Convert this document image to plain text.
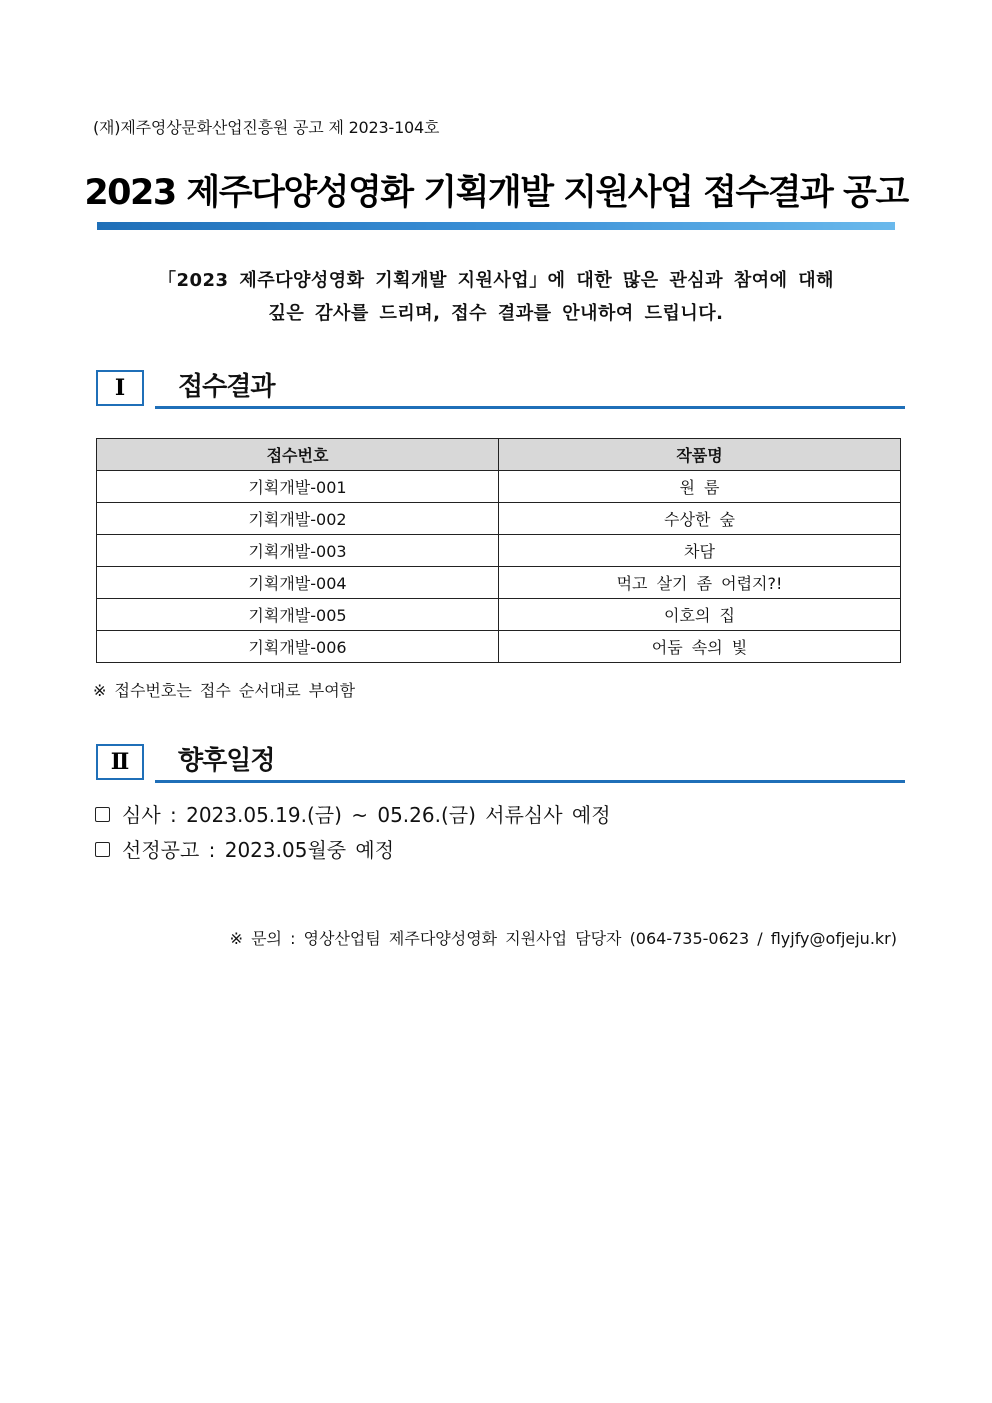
(재)제주영상문화산업진흥원 공고 제 2023-104호
2023 제주다양성영화 기획개발 지원사업 접수결과 공고
「2023 제주다양성영화 기획개발 지원사업」에 대한 많은 관심과 참여에 대해
깊은 감사를 드리며, 접수 결과를 안내하여 드립니다.
Ⅰ	접수결과
접수번호	작품명
기획개발-001	원 룸
기획개발-002	수상한 숲
기획개발-003	차담
기획개발-004	먹고 살기 좀 어렵지?!
기획개발-005	이호의 집
기획개발-006	어둠 속의 빛
※ 접수번호는 접수 순서대로 부여함
Ⅱ	향후일정
심사 : 2023.05.19.(금) ~ 05.26.(금) 서류심사 예정
선정공고 : 2023.05월중 예정
※ 문의 : 영상산업팀 제주다양성영화 지원사업 담당자 (064-735-0623 / flyjfy@ofjeju.kr)
